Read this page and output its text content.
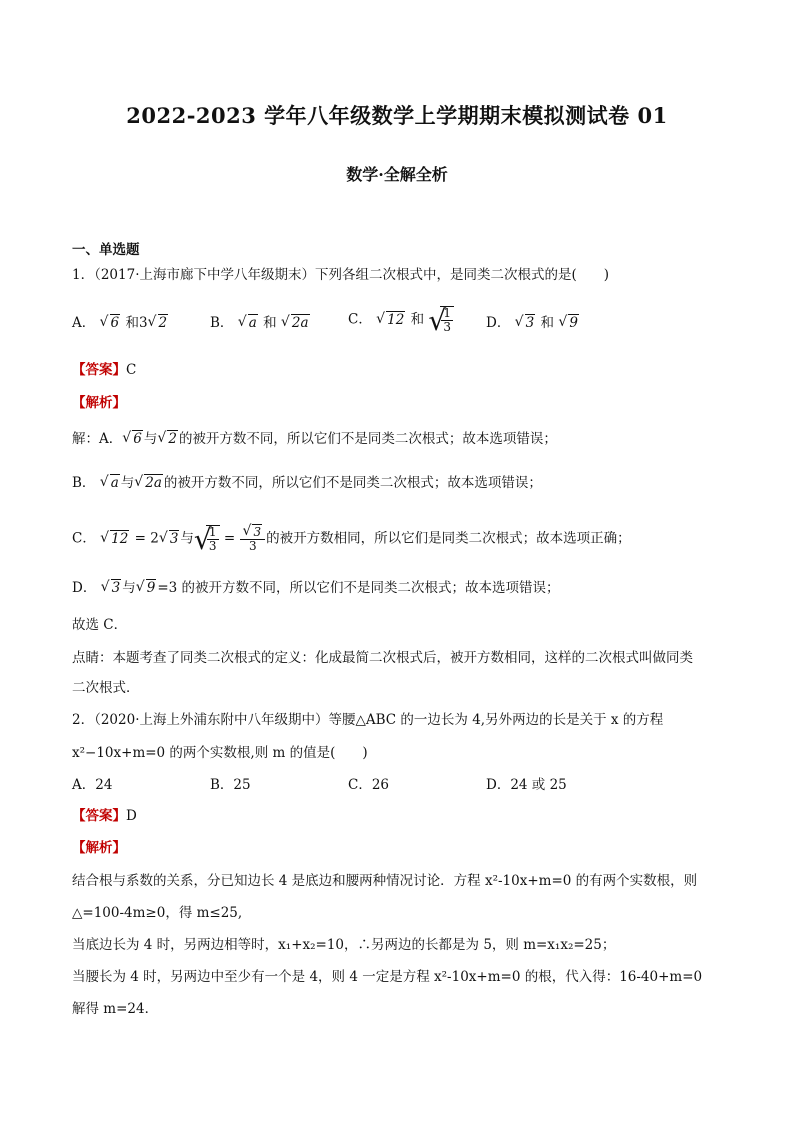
2022-2023 学年八年级数学上学期期末模拟测试卷 01
数学·全解全析
一、单选题
1．（2017·上海市廊下中学八年级期末）下列各组二次根式中，是同类二次根式的是(　　)
A． √ 6 和3 √ 2	B． √ a 和 √ 2a	C． √ 12 和 √ $\frac{1}{3}$ D． √ 3 和 √ 9
【答案】C
【解析】
解：A． √ 6 与 √ 2 的被开方数不同，所以它们不是同类二次根式；故本选项错误；
B． √ a 与 √ 2a 的被开方数不同，所以它们不是同类二次根式；故本选项错误；
C． √ 12 = 2 √ 3 与 √ $\frac{1}{3}$ = √ $\frac{3}{3}$ 的被开方数相同，所以它们是同类二次根式；故本选项正确；
D． √ 3 与 √ 9 =3 的被开方数不同，所以它们不是同类二次根式；故本选项错误；
故选 C．
点睛：本题考查了同类二次根式的定义：化成最简二次根式后，被开方数相同，这样的二次根式叫做同类
二次根式．
2．（2020·上海上外浦东附中八年级期中）等腰△ABC 的一边长为 4,另外两边的长是关于 x 的方程
x²−10x+m=0 的两个实数根,则 m 的值是(　　)
A．24	B．25	C．26	D．24 或 25
【答案】D
【解析】
结合根与系数的关系，分已知边长 4 是底边和腰两种情况讨论．方程 x²-10x+m=0 的有两个实数根，则
△=100-4m≥0，得 m≤25,
当底边长为 4 时，另两边相等时，x₁+x₂=10，∴另两边的长都是为 5，则 m=x₁x₂=25；
当腰长为 4 时，另两边中至少有一个是 4，则 4 一定是方程 x²-10x+m=0 的根，代入得：16-40+m=0
解得 m=24．
